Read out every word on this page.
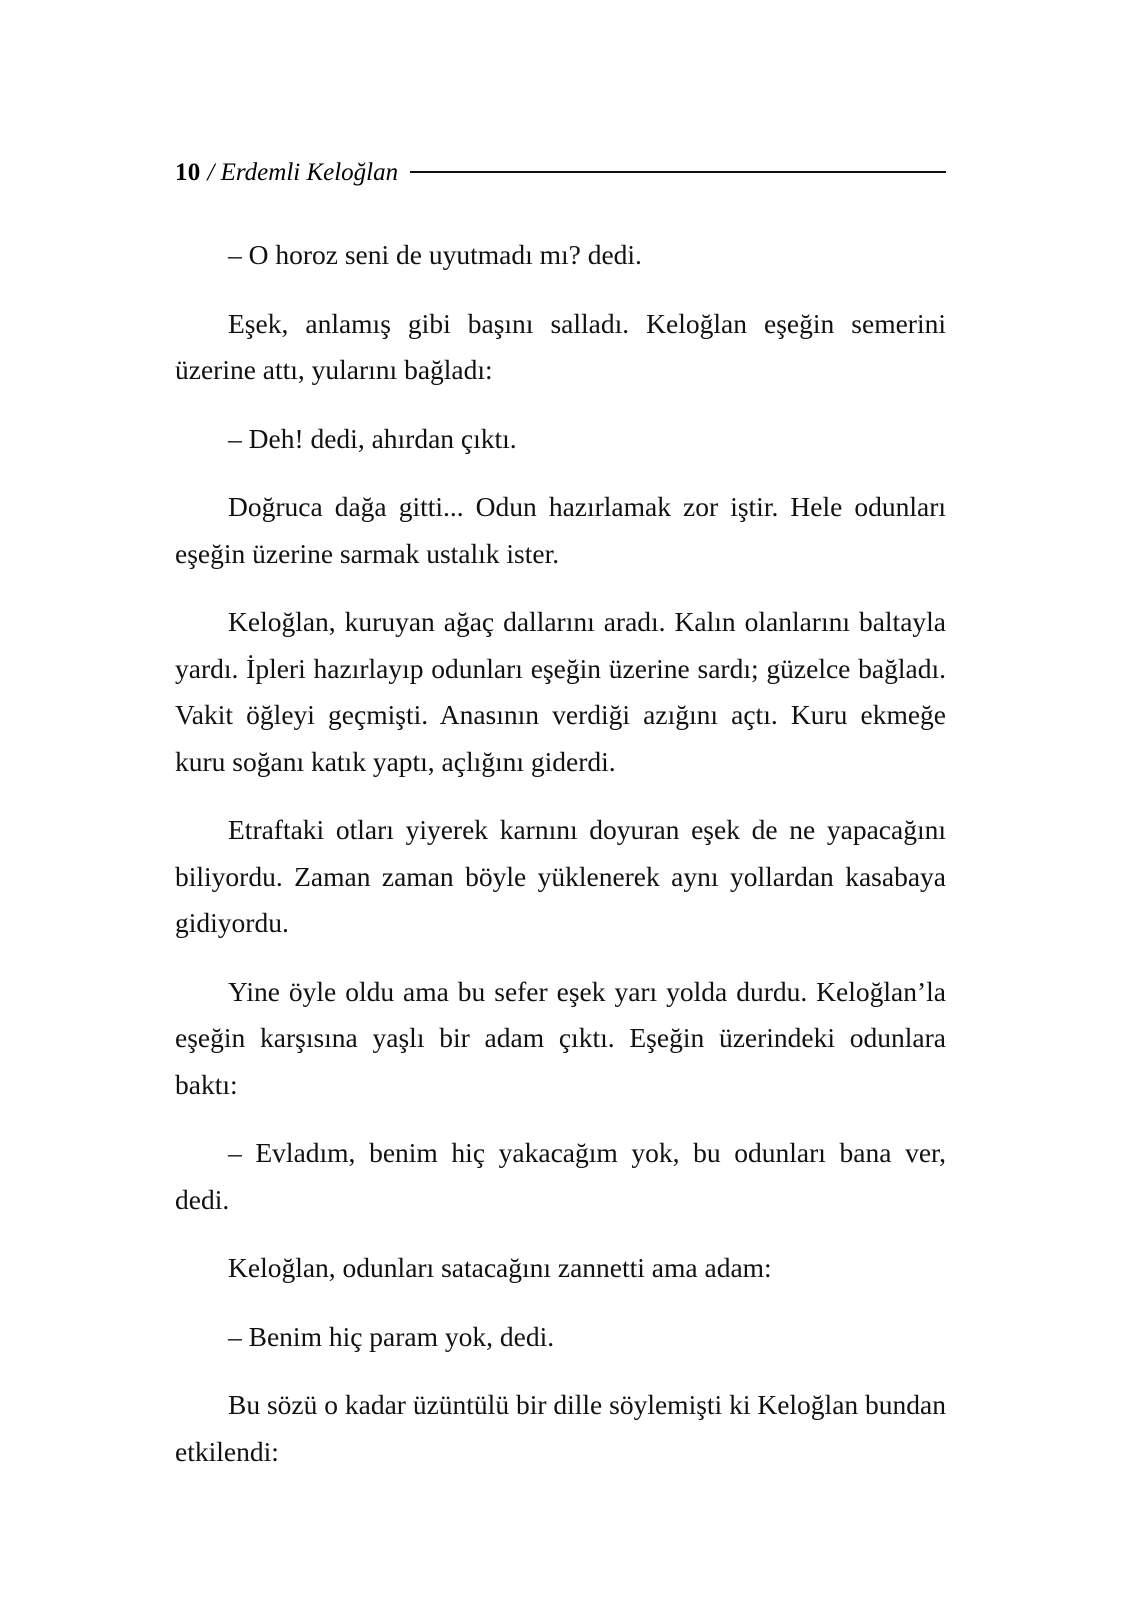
10 / Erdemli Keloğlan

– O horoz seni de uyutmadı mı? dedi.

Eşek, anlamış gibi başını salladı. Keloğlan eşeğin semerini üzerine attı, yularını bağladı:

– Deh! dedi, ahırdan çıktı.

Doğruca dağa gitti... Odun hazırlamak zor iştir. Hele odunları eşeğin üzerine sarmak ustalık ister.

Keloğlan, kuruyan ağaç dallarını aradı. Kalın olanlarını baltayla yardı. İpleri hazırlayıp odunları eşeğin üzerine sardı; güzelce bağladı. Vakit öğleyi geçmişti. Anasının verdiği azığını açtı. Kuru ekmeğe kuru soğanı katık yaptı, açlığını giderdi.

Etraftaki otları yiyerek karnını doyuran eşek de ne yapacağını biliyordu. Zaman zaman böyle yüklenerek aynı yollardan kasabaya gidiyordu.

Yine öyle oldu ama bu sefer eşek yarı yolda durdu. Keloğlan’la eşeğin karşısına yaşlı bir adam çıktı. Eşeğin üzerindeki odunlara baktı:

– Evladım, benim hiç yakacağım yok, bu odunları bana ver, dedi.

Keloğlan, odunları satacağını zannetti ama adam:

– Benim hiç param yok, dedi.

Bu sözü o kadar üzüntülü bir dille söylemişti ki Keloğlan bundan etkilendi:
